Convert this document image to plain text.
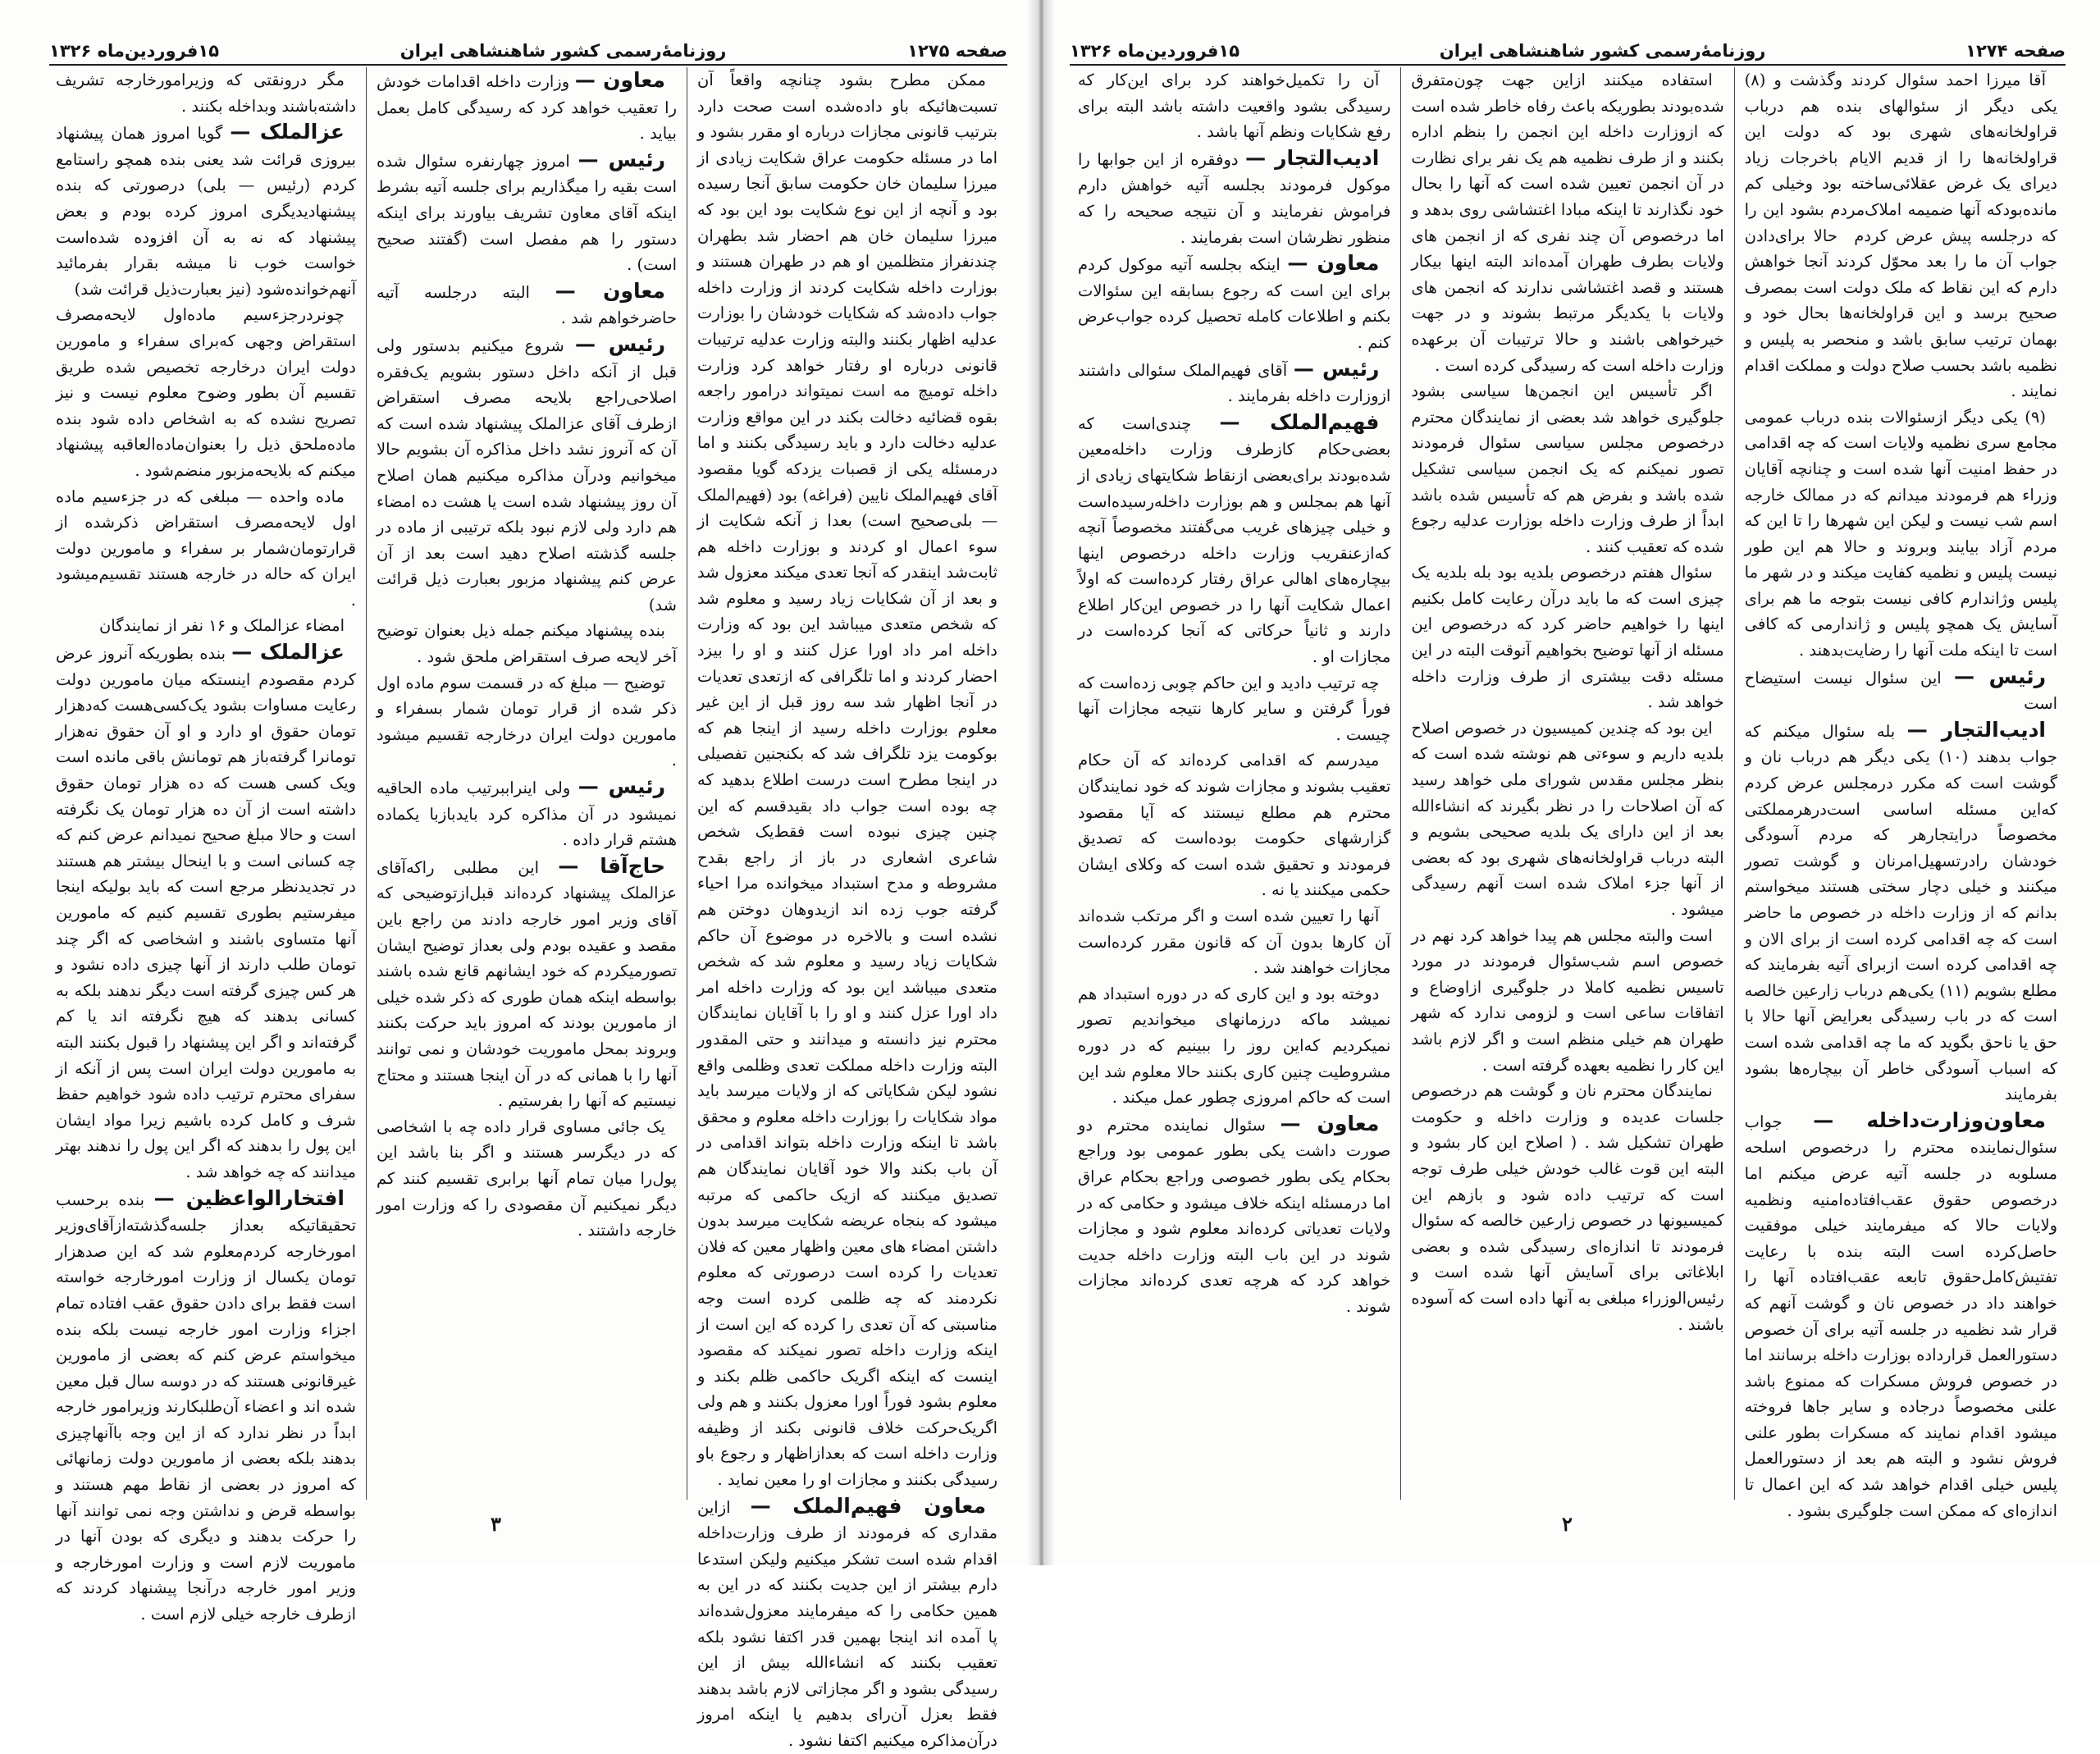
صفحه ۱۲۷۵
روزنامهٔ‌رسمی کشور شاهنشاهی ایران
۱۵فروردین‌ماه ۱۳۲۶

ممکن مطرح بشود چنانچه واقعاً آن تسبت‌هائیکه باو داده‌شده است صحت دارد بترتیب قانونی مجازات درباره او مقرر بشود و اما در مسئله حکومت عراق شکایت زیادی از میرزا سلیمان خان حکومت سابق آنجا رسیده بود و آنچه از این نوع شکایت بود این بود که میرزا سلیمان خان هم احضار شد بطهران چندنفراز متظلمین او هم در طهران هستند و بوزارت داخله شکایت کردند از وزارت داخله جواب داده‌شد که شکایات خودشان را بوزارت عدلیه اظهار بکنند والبته وزارت عدلیه ترتیبات قانونی درباره او رفتار خواهد کرد وزارت داخله تومیچ مه است نمیتواند درامور راجعه بقوه قضائیه دخالت بکند در این مواقع وزارت عدلیه دخالت دارد و باید رسیدگی بکنند و اما درمسئله یکی از قصبات یزدکه گویا مقصود آقای فهیم‌الملک نایین (فراغه) بود (فهیم‌الملک — بلی‌صحیح است) بعدا ز آنکه شکایت از سوء اعمال او کردند و بوزارت داخله هم ثابت‌شد اینقدر که آنجا تعدی میکند معزول شد و بعد از آن شکایات زیاد رسید و معلوم شد که شخص متعدی میباشد این بود که وزارت داخله امر داد اورا عزل کنند و او را بیزد احضار کردند و اما تلگرافی که ازتعدی تعدیات در آنجا اظهار شد سه روز قبل از این غیر معلوم بوزارت داخله رسید از اینجا هم که بوکومت یزد تلگراف شد که بکنجنین تفصیلی در اینجا مطرح است درست اطلاع بدهید که چه بوده است جواب داد بقیدقسم که این چنین چیزی نبوده است فقط‌یک شخص شاعری اشعاری در باز از راجع بقدح مشروطه‌ و مدح استبداد میخوانده مرا احیاء گرفته جوب زده اند ازیدوهان دوختن هم نشده است و بالاخره در موضوع آن حاکم شکایات زیاد رسید و معلوم شد که شخص متعدی میباشد این بود که وزارت داخله امر داد اورا عزل کنند و او را با آقایان نمایندگان محترم نیز دانسته و میدانند و حتی المقدور البته وزارت داخله مملکت تعدی وظلمی واقع نشود لیکن شکایاتی که از ولایات میرسد باید مواد شکایات را بوزارت داخله معلوم و محقق باشد تا اینکه وزارت داخله بتواند اقدامی در آن باب بکند والا خود آقایان نمایندگان هم تصدیق میکنند که ازیک حاکمی که مرتبه میشود که بنجاه عریضه شکایت میرسد بدون داشتن امضاء های معین واظهار معین که فلان تعدیات را کرده است درصورتی که معلوم نکردمند که چه ظلمی کرده است وجه مناسبتی که آن تعدی را کرده که این است از اینکه وزارت داخله تصور نمیکند که مقصود اینست که اینکه اگریک حاکمی ظلم بکند و معلوم بشود فوراً اورا معزول بکنند و هم ولی اگریک‌حرکت خلاف قانونی بکند از وظیفه وزارت داخله است که بعدازاظهار و رجوع باو رسیدگی بکنند و مجازات او را معین نماید .

معاون فهیم‌الملک — ازاین مقداری که فرمودند از طرف وزارت‌داخله اقدام شده است تشکر میکنیم ولیکن استدعا دارم بیشتر از این جدیت بکنند که در این به همین حکامی را که میفرمایند معزول‌شده‌اند پا آمده اند اینجا بهمین قدر اکتفا نشود بلکه تعقیب بکنند که انشاءالله بیش از این رسیدگی بشود و اگر مجازاتی لازم باشد بدهند فقط بعزل آن‌رای بدهیم یا اینکه امروز درآن‌مذاکره میکنیم اکتفا نشود .

معاون — وزارت داخله اقدامات خودش را تعقیب خواهد کرد که رسیدگی کامل بعمل بیاید .

رئیس — امروز چهارنفره سئوال شده است بقیه را میگذاریم برای جلسه آتیه بشرط اینکه آقای معاون تشریف بیاورند برای اینکه دستور را هم مفصل است (گفتند صحیح است) .

معاون — البته درجلسه آتیه حاضرخواهم شد .

رئیس — شروع میکنیم بدستور ولی قبل از آنکه داخل دستور بشویم یک‌فقره اصلاحی‌راجع بلایحه مصرف استقراض ازطرف آقای عزالملک پیشنهاد شده است که آن که آنروز نشد داخل مذاکره آن بشویم حالا میخوانیم ودرآن مذاکره میکنیم همان اصلاح آن روز پیشنهاد شده است یا هشت ده امضاء هم دارد ولی لازم نبود بلکه ترتیبی از ماده در جلسه گذشته اصلاح دهید است بعد از آن عرض کنم پیشنهاد مزبور بعبارت ذیل قرائت شد)

بنده پیشنهاد میکنم جمله ذیل بعنوان توضیح آخر لایحه صرف استقراض ملحق شود .

توضیح — مبلغ که در قسمت سوم ماده اول ذکر شده از قرار تومان شمار بسفراء و مامورین دولت ایران درخارجه تقسیم میشود .

رئیس — ولی اینراببرتیب ماده الحاقیه نمیشود در آن مذاکره کرد بایدبازبا یکماده هشتم قرار داده .

حاج‌آقا — این مطلبی را‌که‌آقای عزالملک پیشنهاد کرده‌اند قبل‌ازتوضیحی که آقای وزیر امور خارجه دادند من راجع باین مقصد و عقیده بودم ولی بعداز توضیح ایشان تصورمیکردم که خود ایشانهم قانع شده باشند بواسطه اینکه همان طوری که ذکر شده خیلی از مامورین بودند که امروز باید حرکت بکنند وبروند بمحل ماموریت خودشان و نمی توانند آنها را با همانی که در آن اینجا هستند و محتاج نیستیم که آنها را بفرستیم .

یک جائی مساوی قرار داده چه با اشخاصی که در دیگرسر هستند و اگر بنا باشد این پول‌را میان تمام آنها برابری تقسیم کنند کم دیگر نمیکنیم آن مقصودی را که وزارت امور خارجه داشتند .

مگر درونقتی که وزیرامورخارجه تشریف داشته‌باشند وبداخله بکنند .

عزالملک — گویا امروز همان پیشنهاد بیروزی قرائت شد یعنی بنده همچو راستامع کردم (رئیس — بلی) درصورتی که بنده پیشنهادیدیگری امروز کرده بودم و بعض پیشنهاد که نه به آن افزوده شده‌است خواست خوب نا میشه بقرار بفرمائید آنهم‌خوانده‌شود (نیز بعبارت‌ذیل قرائت شد)

چونردرجزءسیم ماده‌اول لایحه‌مصرف استقراض وجهی که‌برای سفراء و مامورین دولت ایران درخارجه تخصیص شده طریق تقسیم آن بطور وضوح معلوم نیست و نیز تصریح نشده که به اشخاص داده شود بنده ماده‌ملحق ذیل را بعنوان‌ماده‌العاقبه پیشنهاد میکنم که بلایحه‌مزبور منضم‌شود .

ماده‌ واحده — مبلغی که در جزءسیم ماده اول لایحه‌مصرف استقراض ذکرشده از قرارتومان‌شمار بر سفراء و مامورین دولت ایران که حاله در خارجه هستند تقسیم‌میشود .

امضاء عزالملک و ۱۶ نفر از نمایندگان

عزالملک — بنده بطوریکه آنروز عرض کردم مقصودم اینستکه میان مامورین دولت رعایت مساوات بشود یک‌کسی‌هست که‌دهزار تومان حقوق او دارد و او آن حقوق نه‌هزار تومانرا گرفته‌باز هم تومانش باقی مانده است ویک کسی هست که ده هزار تومان حقوق داشته است از آن ده هزار تومان یک نگرفته است و حالا مبلغ صحیح نمیدانم عرض کنم که چه کسانی است و با اینحال بیشتر هم هستند در تجدیدنظر مرجع است که باید بولیکه اینجا میفرستیم بطوری تقسیم کنیم که مامورین آنها متساوی باشند و اشخاصی که اگر چند تومان طلب دارند از آنها چیزی داده نشود و هر کس چیزی گرفته است دیگر ندهند بلکه به کسانی بدهند که هیچ نگرفته اند یا کم گرفته‌اند و اگر این پیشنهاد را قبول بکنند البته به مامورین دولت ایران است پس از آنکه از سفرای محترم ترتیب داده شود خواهیم حفظ شرف و کامل کرده باشیم زیرا مواد ایشان این پول را بدهند که اگر این پول را ندهند بهتر میدانند که چه خواهد شد .

افتخارالواعظین — بنده برحسب تحقیقاتیکه بعداز جلسه‌گذشته‌ازآقای‌وزیر امور‌خارجه کردم‌معلوم شد که ‌این‌ صدهزار تومان‌ یکسال‌ از‌ وزارت ‌امور‌خارجه خواسته است فقط برای دادن حقوق عقب افتاده تمام اجزاء وزارت امور خارجه نیست بلکه بنده میخواستم عرض کنم که بعضی از مامورین غیرقانونی هستند که در دوسه سال قبل معین شده اند و اعضاء آن‌طلبکارند وزیرامور خارجه ابداً در نظر ندارد که از این وجه باآنهاچیزی بدهند بلکه بعضی از مامورین دولت زمانهائی که امروز در بعضی از نقاط مهم هستند و بواسطه قرض و نداشتن وجه نمی توانند آنها را حرکت بدهند و دیگری که بودن آنها در ماموریت لازم است و وزارت امورخارجه و وزیر امور خارجه درآنجا پیشنهاد کردند که ازطرف خارجه خیلی لازم است .

۳
صفحه ۱۲۷۴
روزنامهٔ‌رسمی کشور شاهنشاهی ایران
۱۵فروردین‌ماه ۱۳۲۶

آقا میرزا احمد سئوال کردند وگذشت و (۸) یکی دیگر از سئوالهای بنده هم درباب قراولخانه‌های شهری بود که دولت این قراولخانه‌ها را از قدیم الایام باخرجات زیاد دیرای یک غرض عقلائی‌ساخته بود وخیلی کم مانده‌بودکه آنها ضمیمه املاک‌مردم بشود این ‌را که‌ درجلسه پیش عرض ‌کردم ‌ حالا برای‌دادن جواب آن ما را بعد محوّل کردند آنجا خواهش دارم که این نقاط که ملک دولت است بمصرف صحیح برسد و این قراولخانه‌ها بحال خود و بهمان ترتیب سابق باشد و منحصر به پلیس و نظمیه باشد بحسب صلاح دولت و مملکت اقدام نمایند .

(۹) یکی دیگر ازسئوالات بنده درباب عمومی مجامع سری نظمیه ولایات است که چه اقدامی در حفظ امنیت آنها شده است و چنانچه آقایان وزراء هم فرمودند میدانم که در ممالک خارجه اسم شب نیست و لیکن این شهرها را تا این که مردم آزاد بیایند وبروند و حالا هم این طور نیست پلیس و نظمیه کفایت‌ میکند و در شهر ما پلیس وژاندارم کافی نیست بتوجه ما هم برای آسایش یک همچو پلیس و ژاندارمی که کافی است تا اینکه ملت آنها را رضایت‌بدهند .

رئیس — این سئوال نیست استیضاح است

ادیب‌التجار — بله سئوال میکنم که جواب بدهند (۱۰) یکی دیگر هم درباب نان و گوشت است که مکرر درمجلس عرض کردم که‌این مسئله اساسی است‌درهرمملکتی مخصوصاً درایتجارهر که مردم آسودگی خودشان رادرتسهیل‌امرنان و گوشت تصور میکنند و خیلی دچار سختی هستند میخواستم بدانم که از وزارت داخله در خصوص ما حاضر است که چه اقدامی کرده است از برای الان و چه اقدامی کرده است ازبرای آتیه بفرمایند که مطلع بشویم (۱۱) یکی‌هم درباب زارعین خالصه است که در باب رسیدگی بعرایض آنها حالا با حق یا ناحق بگوید که ما چه اقدامی شده است که اسباب آسودگی خاطر آن بیچاره‌ها بشود بفرمایند

معاون‌وزارت‌داخله — جواب سئوال‌نماینده محترم را درخصوص اسلحه مسلوبه در جلسه آتیه عرض میکنم اما درخصوص حقوق عقب‌افتاده‌امنیه ونظمیه ولایات حالا که میفرمایند خیلی موفقیت حاصل‌کرده است البته بنده با رعایت تفتیش‌کامل‌حقوق تابعه عقب‌افتاده آنها را خواهند داد در خصوص نان و گوشت آنهم که قرار شد نظمیه در جلسه آتیه برای آن خصوص دستورالعمل قرارداده بوزارت داخله برسانند اما در خصوص فروش مسکرات که ممنوع باشد علنی مخصوصاً درجاده و سایر جاها فروخته میشود اقدام نمایند که مسکرات بطور علنی فروش نشود و البته هم بعد از دستورالعمل پلیس خیلی اقدام خواهد شد که این اعمال تا اندازه‌ای که ممکن است جلوگیری بشود .

استفاده میکنند ازاین جهت چون‌متفرق شده‌بودند بطوریکه باعث رفاه خاطر شده است که ازوزارت داخله این انجمن را بنظم اداره بکنند و از طرف نظمیه هم یک نفر برای نظارت در آن انجمن تعیین شده است که آنها را بحال خود نگذارند تا اینکه مبادا اغتشاشی روی بدهد و اما درخصوص آن چند نفری که از انجمن های ولایات بطرف طهران آمده‌اند البته اینها بیکار هستند و قصد اغتشاشی ندارند که انجمن های ولایات با یکدیگر مرتبط بشوند و در جهت خیرخواهی باشند و حالا ترتیبات آن برعهده وزارت داخله است که رسیدگی کرده است .

اگر تأسیس این انجمن‌ها سیاسی بشود جلوگیری خواهد شد بعضی از نمایندگان محترم درخصوص مجلس سیاسی سئوال فرمودند تصور نمیکنم که یک انجمن سیاسی تشکیل شده باشد و بفرض هم که تأسیس شده باشد ابداً از طرف وزارت داخله بوزارت عدلیه رجوع شده که تعقیب کنند .

سئوال هفتم درخصوص بلدیه بود بله بلدیه یک چیزی است که ما باید درآن رعایت کامل بکنیم اینها را خواهیم حاضر کرد که درخصوص این مسئله از آنها توضیح بخواهیم آنوقت البته در این مسئله دقت بیشتری از طرف وزارت داخله خواهد شد .

این بود که چندین کمیسیون در خصوص اصلاح بلدیه داریم و سوءتی هم نوشته شده است که بنظر مجلس مقدس شورای ملی خواهد رسید که آن اصلاحات را در نظر بگیرند که انشاءالله بعد از این دارای یک بلدیه صحیحی بشویم و البته درباب قراولخانه‌های شهری بود که بعضی از آنها جزء املاک شده است آنهم رسیدگی میشود .

است والبته مجلس هم پیدا خواهد کرد نهم در خصوص اسم شب‌سئوال فرمودند در مورد تاسیس نظمیه کاملا در جلوگیری ازاوضاع و اتفاقات ساعی است و لزومی ندارد که شهر طهران هم خیلی منظم است و اگر لازم باشد این کار را نظمیه بعهده گرفته است .

نمایندگان محترم نان و گوشت هم درخصوص جلسات عدیده و وزارت داخله و حکومت طهران تشکیل شد . ( اصلاح این کار بشود و البته این قوت غالب خودش خیلی طرف توجه است که ترتیب داده شود و بازهم این کمیسیونها در خصوص زارعین خالصه که سئوال فرمودند تا اندازه‌ای رسیدگی شده و بعضی ابلاغاتی برای آسایش آنها شده است و رئیس‌الوزراء مبلغی به آنها داده است که آسوده باشند .

آن را تکمیل‌خواهند کرد برای این‌کار که رسیدگی بشود واقعیت داشته باشد البته برای رفع شکایات ونظم آنها باشد .

ادیب‌التجار — دوفقره از این جوابها را موکول فرمودند بجلسه آتیه خواهش دارم فراموش نفرمایند و آن نتیجه صحیحه را که منظور نظرشان است بفرمایند .

معاون — اینکه بجلسه آتیه موکول کردم برای این است که رجوع بسابقه این سئوالات بکنم و اطلاعات کامله تحصیل کرده جواب‌عرض کنم .

رئیس — آقای فهیم‌الملک سئوالی داشتند ازوزارت داخله بفرمایند .

فهیم‌الملک — چندی‌است که بعضی‌حکام کازطرف وزارت داخله‌معین شده‌بودند برای‌بعضی ازنقاط شکایتهای زیادی از آنها هم بمجلس و هم بوزارت داخله‌رسیده‌است و خیلی چیزهای غریب می‌گفتند مخصوصاً آنچه که‌ازعنقریب وزارت داخله درخصوص اینها بیچاره‌های اهالی عراق رفتار کرده‌است که اولاً اعمال شکایت آنها را در خصوص این‌کار اطلاع دارند و ثانیاً حرکاتی که آنجا کرده‌است در مجازات او .

چه ترتیب دادید و این حاکم چوبی زده‌است که فورأ گرفتن و سایر کارها نتیجه مجازات آنها چیست .

میدرسم که اقدامی کرده‌اند که آن حکام تعقیب بشوند و مجازات شوند که خود نمایندگان محترم هم مطلع نیستند که آیا مقصود گزارشهای حکومت بوده‌است که تصدیق فرمودند و تحقیق شده است که وکلای ایشان حکمی میکنند یا نه .

آنها را تعیین شده است و اگر مرتکب شده‌اند آن کارها بدون آن که قانون مقرر کرده‌است مجازات خواهند شد .

دوخته بود و این کاری که در دوره استبداد هم نمیشد ماکه درزمانهای میخواندیم تصور نمیکردیم که‌این روز را ببینیم که در دوره مشروطیت چنین کاری بکنند حالا معلوم شد این است که حاکم امروزی چطور عمل میکند .

معاون — سئوال نماینده محترم دو صورت داشت یکی بطور عمومی بود وراجع بحکام یکی بطور خصوصی وراجع بحکام عراق اما درمسئله اینکه خلاف میشود و حکامی که در ولایات تعدیاتی کرده‌اند معلوم شود و مجازات شوند در این باب البته وزارت داخله جدیت خواهد کرد که هرچه تعدی کرده‌اند مجازات شوند .

۲
